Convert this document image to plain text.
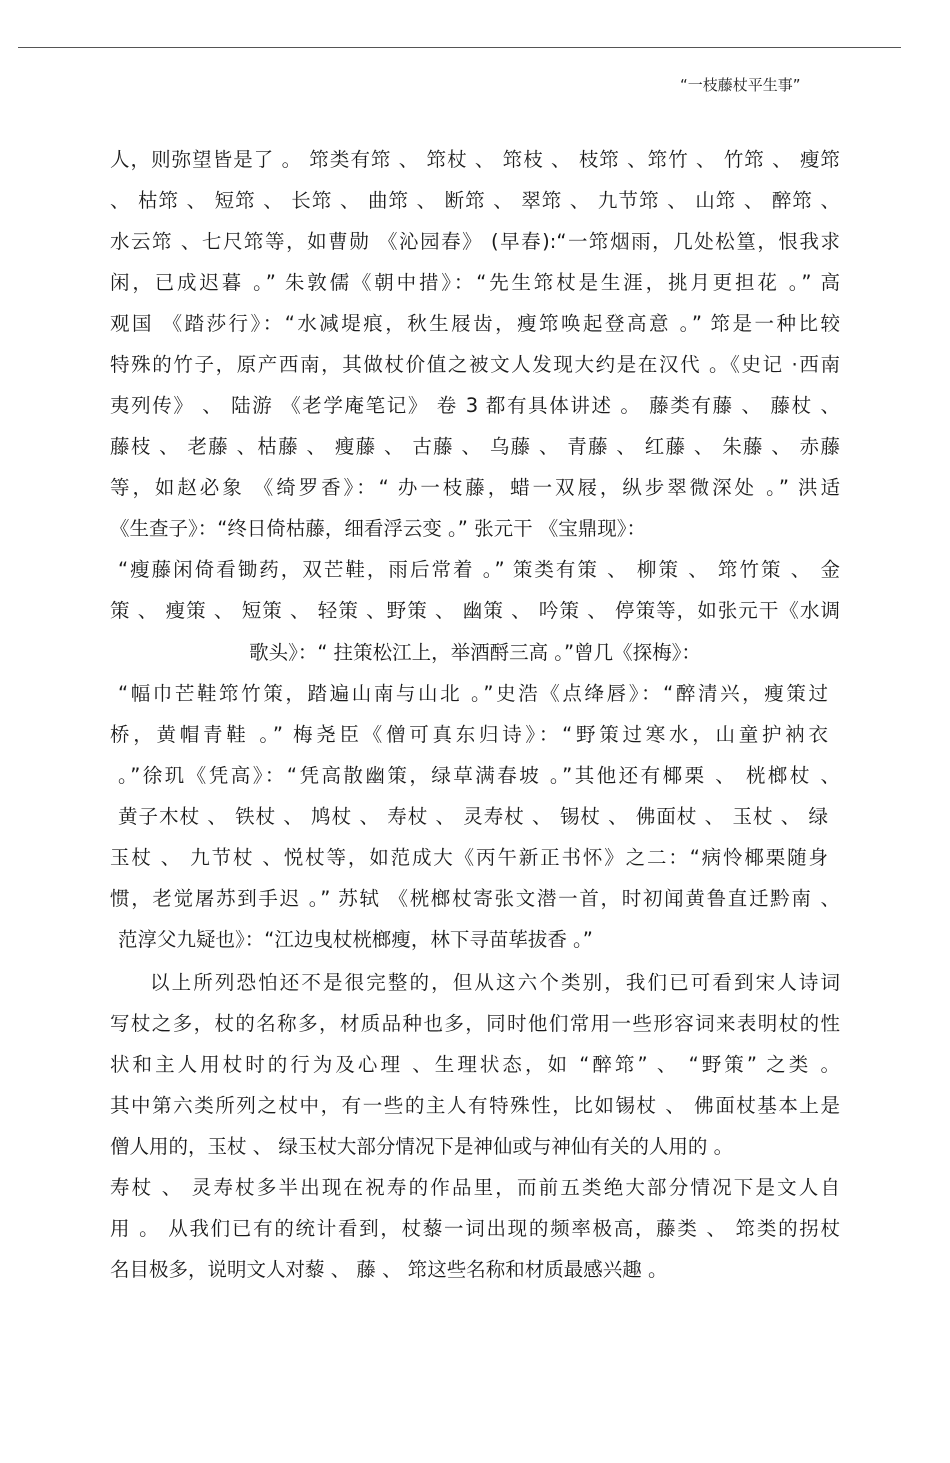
“一枝藤杖平生事”
人，则弥望皆是了 。 筇类有筇 、 筇杖 、 筇枝 、 枝筇 、筇竹 、 竹筇 、 瘦筇
、 枯筇 、 短筇 、 长筇 、 曲筇 、 断筇 、 翠筇 、 九节筇 、 山筇 、 醉筇 、
水云筇 、七尺筇等，如曹勋 《沁园春》 (早春):“一筇烟雨，几处松篁，恨我求
闲，已成迟暮 。” 朱敦儒《朝中措》：“先生筇杖是生涯，挑月更担花 。” 高
观国 《踏莎行》：“水减堤痕，秋生屐齿，瘦筇唤起登高意 。” 筇是一种比较
特殊的竹子，原产西南，其做杖价值之被文人发现大约是在汉代 。《史记 ·西南
夷列传》 、 陆游 《老学庵笔记》 卷 3 都有具体讲述 。 藤类有藤 、 藤杖 、
藤枝 、 老藤 、枯藤 、 瘦藤 、 古藤 、 乌藤 、 青藤 、 红藤 、 朱藤 、 赤藤
等，如赵必象 《绮罗香》：“ 办一枝藤，蜡一双屐，纵步翠微深处 。” 洪适
《生查子》：“终日倚枯藤，细看浮云变 。” 张元干 《宝鼎现》：
“瘦藤闲倚看锄药，双芒鞋，雨后常着 。” 策类有策 、 柳策 、 筇竹策 、 金
策 、 瘦策 、 短策 、 轻策 、野策 、 幽策 、 吟策 、 停策等，如张元干《水调
歌头》：“ 拄策松江上，举酒酹三高 。”曾几《探梅》：
“幅巾芒鞋筇竹策，踏遍山南与山北 。”史浩《点绛唇》：“醉清兴，瘦策过
桥，黄帽青鞋 。” 梅尧臣《僧可真东归诗》：“野策过寒水，山童护衲衣
。”徐玑《凭高》：“凭高散幽策，绿草满春坡 。”其他还有椰栗 、 桄榔杖 、
黄子木杖 、 铁杖 、 鸠杖 、 寿杖 、 灵寿杖 、 锡杖 、 佛面杖 、 玉杖 、 绿
玉杖 、 九节杖 、悦杖等，如范成大《丙午新正书怀》之二：“病怜椰栗随身
惯，老觉屠苏到手迟 。” 苏轼 《桄榔杖寄张文潜一首，时初闻黄鲁直迁黔南 、
范淳父九疑也》：“江边曳杖桄榔瘦，林下寻苗荜拔香 。”
以上所列恐怕还不是很完整的，但从这六个类别，我们已可看到宋人诗词
写杖之多，杖的名称多，材质品种也多，同时他们常用一些形容词来表明杖的性
状和主人用杖时的行为及心理 、生理状态，如 “醉筇” 、 “野策” 之类 。
其中第六类所列之杖中，有一些的主人有特殊性，比如锡杖 、 佛面杖基本上是
僧人用的，玉杖 、 绿玉杖大部分情况下是神仙或与神仙有关的人用的 。
寿杖 、 灵寿杖多半出现在祝寿的作品里，而前五类绝大部分情况下是文人自
用 。 从我们已有的统计看到，杖藜一词出现的频率极高，藤类 、 筇类的拐杖
名目极多，说明文人对藜 、 藤 、 筇这些名称和材质最感兴趣 。
